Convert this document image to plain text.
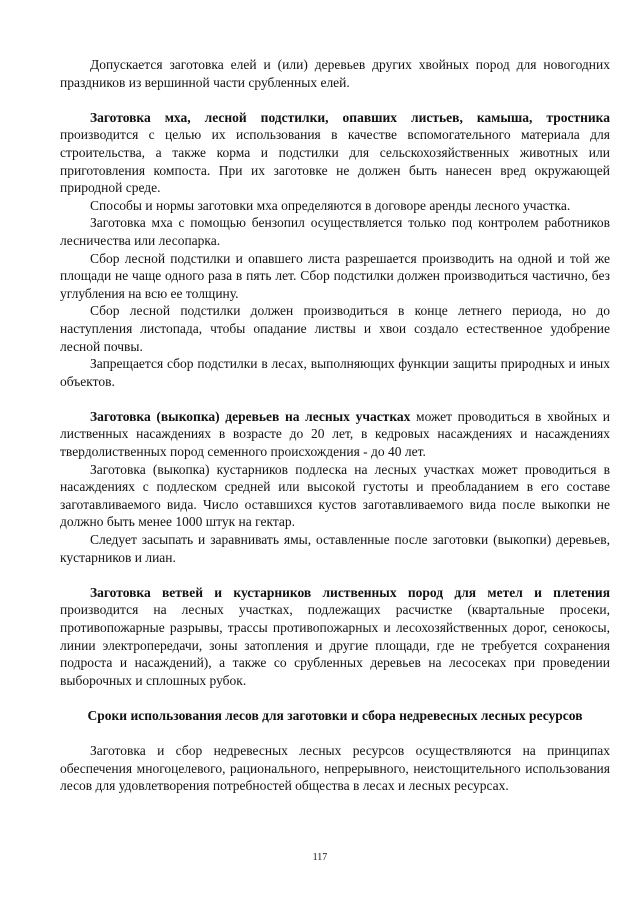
Допускается заготовка елей и (или) деревьев других хвойных пород для новогодних праздников из вершинной части срубленных елей.

Заготовка мха, лесной подстилки, опавших листьев, камыша, тростника производится с целью их использования в качестве вспомогательного материала для строительства, а также корма и подстилки для сельскохозяйственных животных или приготовления компоста. При их заготовке не должен быть нанесен вред окружающей природной среде.

Способы и нормы заготовки мха определяются в договоре аренды лесного участка.

Заготовка мха с помощью бензопил осуществляется только под контролем работников лесничества или лесопарка.

Сбор лесной подстилки и опавшего листа разрешается производить на одной и той же площади не чаще одного раза в пять лет. Сбор подстилки должен производиться частично, без углубления на всю ее толщину.

Сбор лесной подстилки должен производиться в конце летнего периода, но до наступления листопада, чтобы опадание листвы и хвои создало естественное удобрение лесной почвы.

Запрещается сбор подстилки в лесах, выполняющих функции защиты природных и иных объектов.

Заготовка (выкопка) деревьев на лесных участках может проводиться в хвойных и лиственных насаждениях в возрасте до 20 лет, в кедровых насаждениях и насаждениях твердолиственных пород семенного происхождения - до 40 лет.

Заготовка (выкопка) кустарников подлеска на лесных участках может проводиться в насаждениях с подлеском средней или высокой густоты и преобладанием в его составе заготавливаемого вида. Число оставшихся кустов заготавливаемого вида после выкопки не должно быть менее 1000 штук на гектар.

Следует засыпать и заравнивать ямы, оставленные после заготовки (выкопки) деревьев, кустарников и лиан.

Заготовка ветвей и кустарников лиственных пород для метел и плетения производится на лесных участках, подлежащих расчистке (квартальные просеки, противопожарные разрывы, трассы противопожарных и лесохозяйственных дорог, сенокосы, линии электропередачи, зоны затопления и другие площади, где не требуется сохранения подроста и насаждений), а также со срубленных деревьев на лесосеках при проведении выборочных и сплошных рубок.

Сроки использования лесов для заготовки и сбора недревесных лесных ресурсов

Заготовка и сбор недревесных лесных ресурсов осуществляются на принципах обеспечения многоцелевого, рационального, непрерывного, неистощительного использования лесов для удовлетворения потребностей общества в лесах и лесных ресурсах.

117
